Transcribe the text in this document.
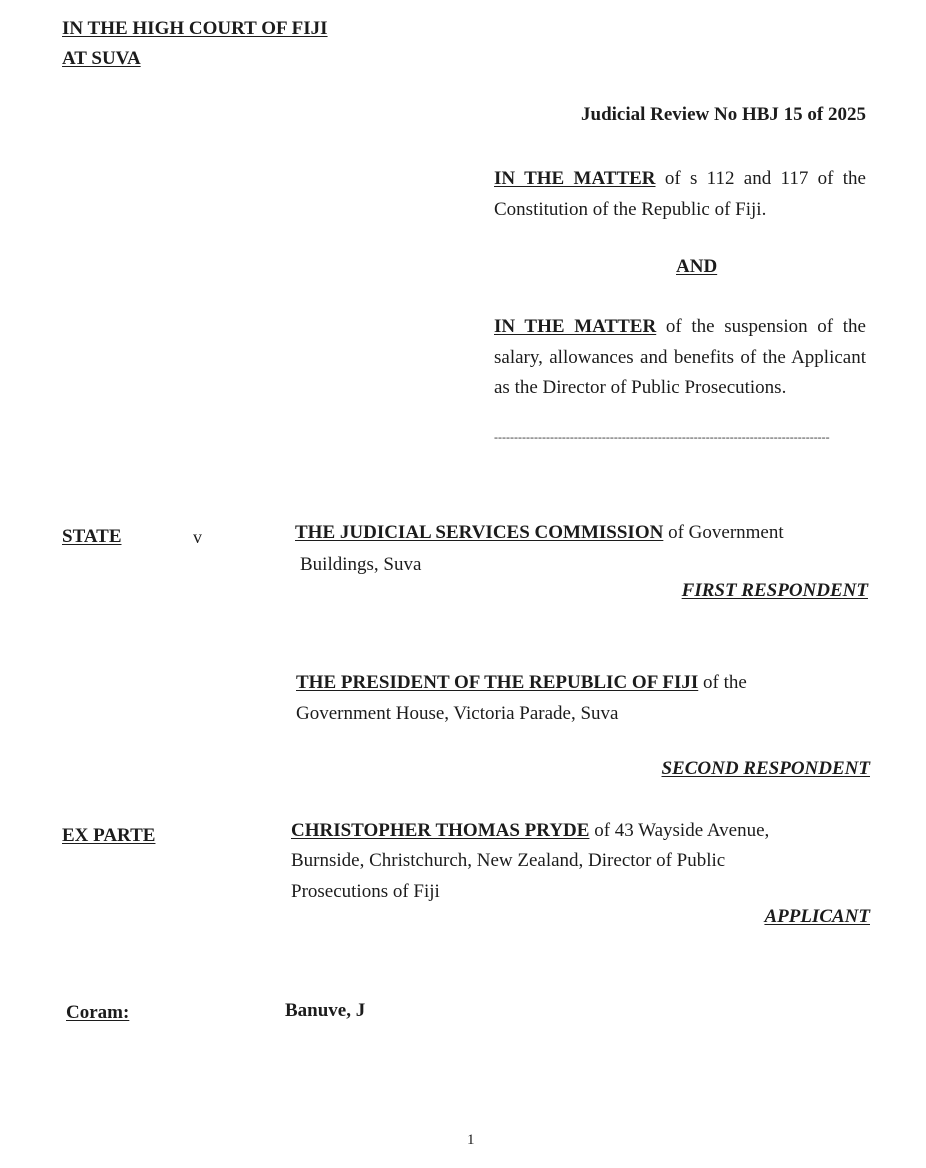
IN THE HIGH COURT OF FIJI
AT SUVA
Judicial Review No HBJ 15 of 2025
IN THE MATTER of s 112 and 117 of the Constitution of the Republic of Fiji.
AND
IN THE MATTER of the suspension of the salary, allowances and benefits of the Applicant as the Director of Public Prosecutions.
------------------------------------------------------------------------------------
STATE	v	THE JUDICIAL SERVICES COMMISSION of Government
Buildings, Suva
FIRST RESPONDENT
THE PRESIDENT OF THE REPUBLIC OF FIJI of the
Government House, Victoria Parade, Suva
SECOND RESPONDENT
EX PARTE	CHRISTOPHER THOMAS PRYDE of 43 Wayside Avenue,
Burnside, Christchurch, New Zealand, Director of Public
Prosecutions of Fiji
APPLICANT
Coram:	Banuve, J
1
